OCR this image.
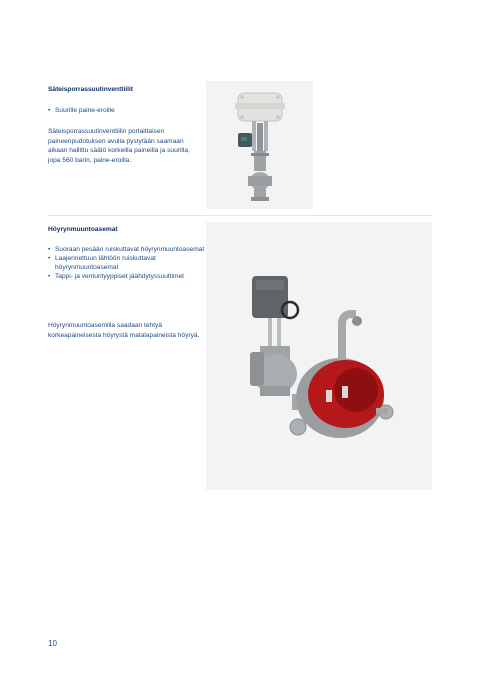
Säteisporrassuutinventtiilit
• Suurille paine-eroille
Säteisporrassuutinventtiilin portaittaisen paineenpudotuksen avulla pystytään saamaan aikaan hallittu säätö korkeilla paineilla ja suurilla, jopa 560 barin, paine-eroilla.
Höyrynmuuntoasemat
• Suoraan pesään ruiskuttavat höyrynmuuntoasemat
• Laajennettuun lähtöön ruiskuttavat höyrynmuuntoasemat
• Tappi- ja venturityyppiset jäähdytyssuuttimet
Höyrynmuuntoasemilla saadaan tehtyä korkeapaineisesta höyrystä matalapaineista höyryä.
10
